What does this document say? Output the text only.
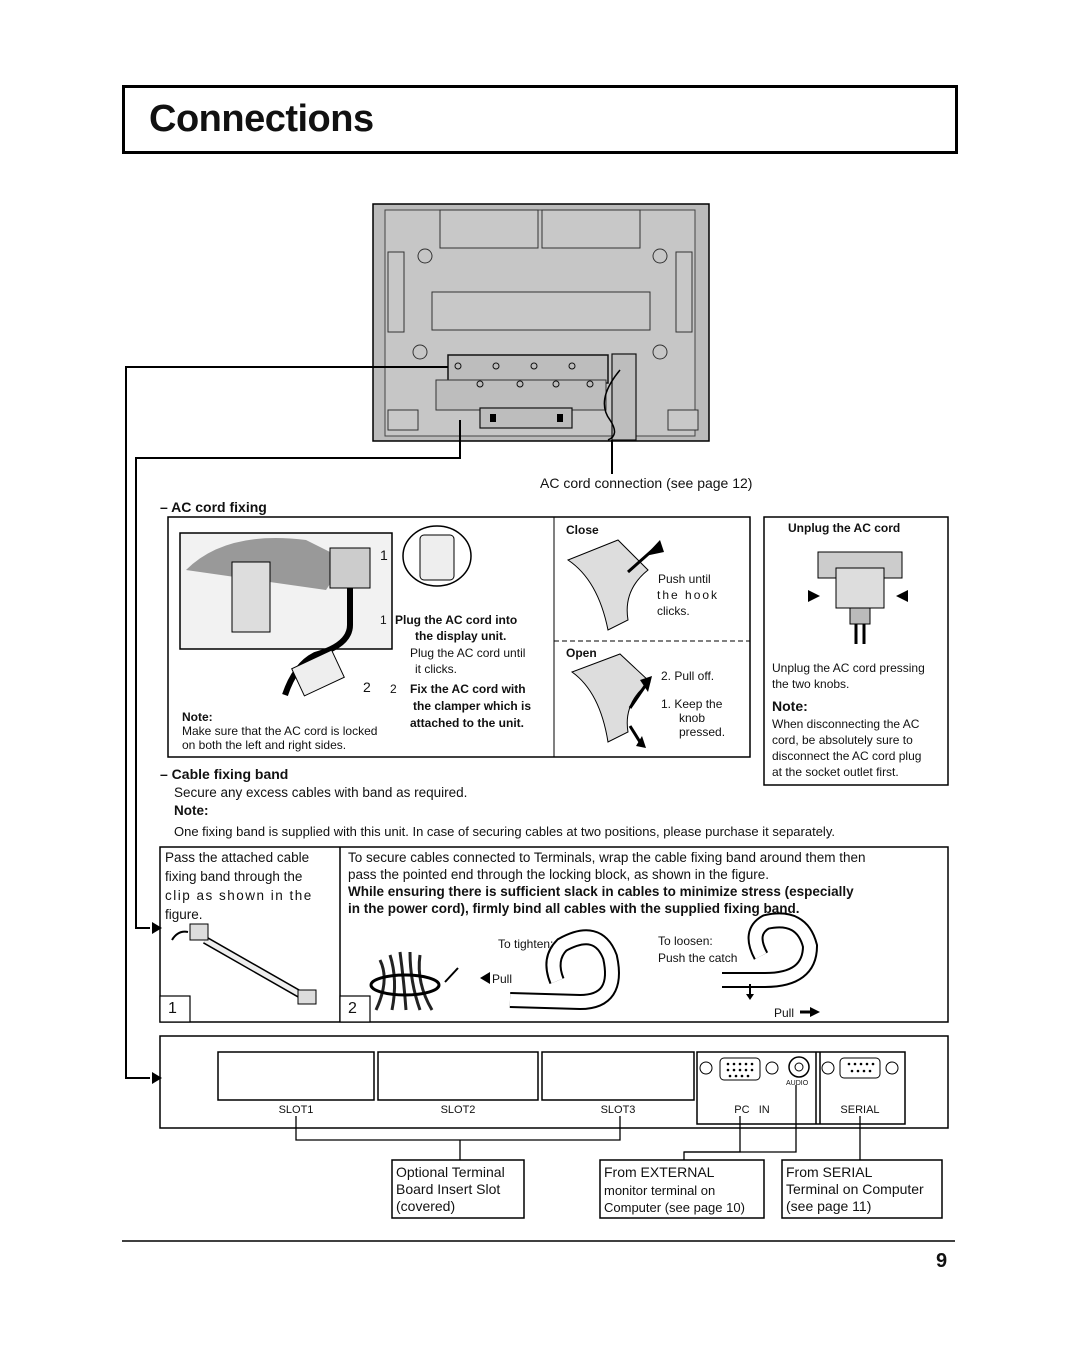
Connections
AC cord connection (see page 12)
– AC cord fixing
1
1 Plug the AC cord into
the display unit.
Plug the AC cord until
it clicks.
2 2 Fix the AC cord with
the clamper which is
attached to the unit.
Note:
Make sure that the AC cord is locked
on both the left and right sides.
Close
Push until
the hook
clicks.
Open
2. Pull off.
1. Keep the
knob
pressed.
Unplug the AC cord
Unplug the AC cord pressing
the two knobs.
Note:
When disconnecting the AC
cord, be absolutely sure to
disconnect the AC cord plug
at the socket outlet first.
– Cable fixing band
Secure any excess cables with band as required.
Note:
One fixing band is supplied with this unit. In case of securing cables at two positions, please purchase it separately.
Pass the attached cable
fixing band through the
clip as shown in the
figure.
To secure cables connected to Terminals, wrap the cable fixing band around them then
pass the pointed end through the locking block, as shown in the figure.
While ensuring there is sufficient slack in cables to minimize stress (especially
in the power cord), firmly bind all cables with the supplied fixing band.
To tighten:
Pull
To loosen:
Push the catch
Pull
1	2
SLOT1	SLOT2	SLOT3	PC   IN	SERIAL
AUDIO
Optional Terminal
Board Insert Slot
(covered)
From EXTERNAL
monitor terminal on
Computer (see page 10)
From SERIAL
Terminal on Computer
(see page 11)
9
